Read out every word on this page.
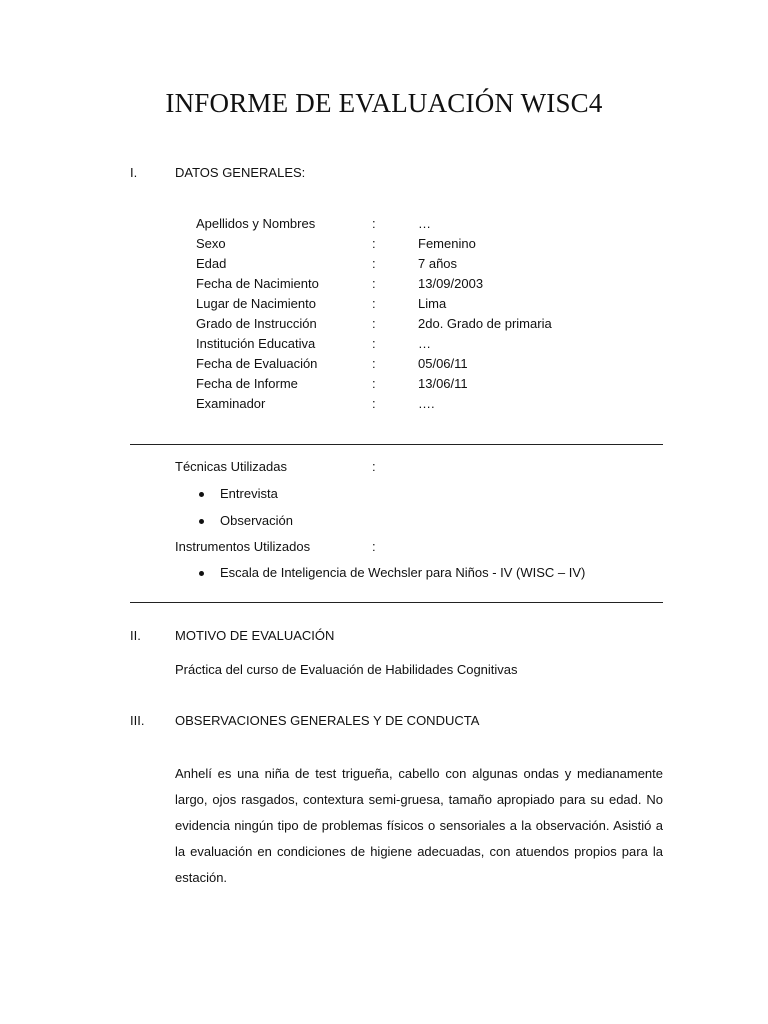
INFORME DE EVALUACIÓN WISC4
I.	DATOS GENERALES:
Apellidos y Nombres	:	…
Sexo	:	Femenino
Edad	:	7 años
Fecha de Nacimiento	:	13/09/2003
Lugar de Nacimiento	:	Lima
Grado de Instrucción	:	2do. Grado de primaria
Institución Educativa	:	…
Fecha de Evaluación	:	05/06/11
Fecha de Informe	:	13/06/11
Examinador	:	….
Técnicas Utilizadas	:
Entrevista
Observación
Instrumentos Utilizados	:
Escala de Inteligencia de Wechsler para Niños - IV (WISC – IV)
II.	MOTIVO DE EVALUACIÓN
Práctica del curso de Evaluación de Habilidades Cognitivas
III. OBSERVACIONES GENERALES Y DE CONDUCTA
Anhelí es una niña de test trigueña, cabello con algunas ondas y medianamente
largo, ojos rasgados, contextura semi-gruesa, tamaño apropiado para su edad. No
evidencia ningún tipo de problemas físicos o sensoriales a la observación. Asistió a
la evaluación en condiciones de higiene adecuadas, con atuendos propios para la
estación.
